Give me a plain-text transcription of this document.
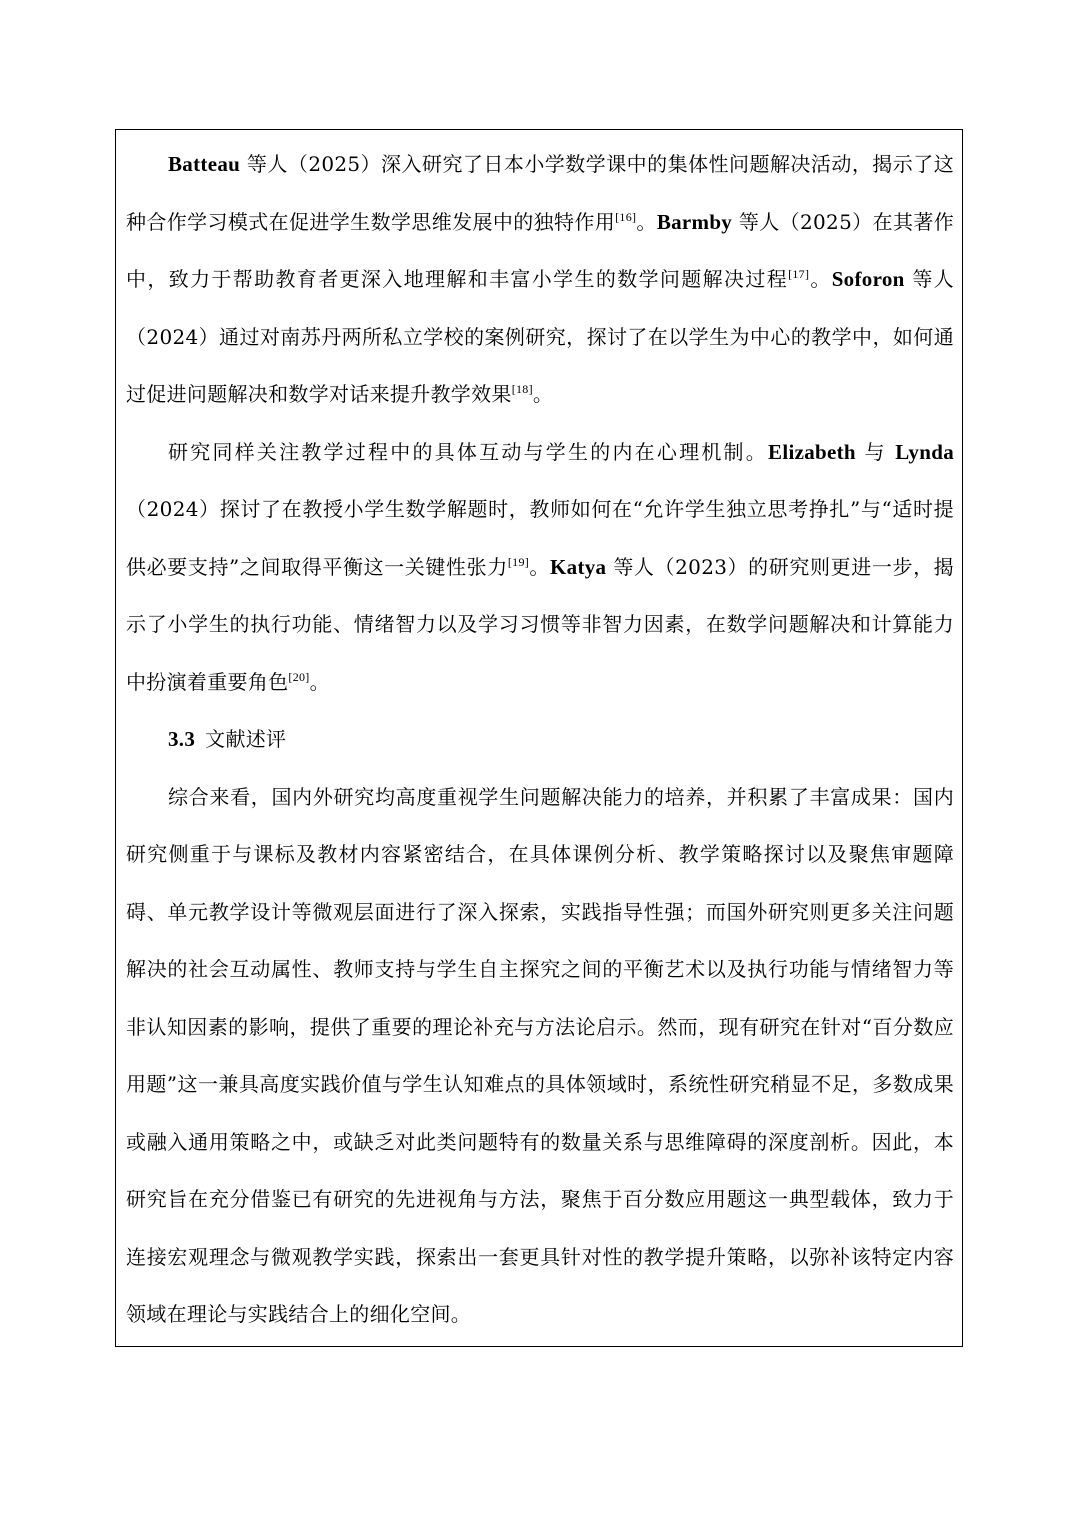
Batteau 等人（2025）深入研究了日本小学数学课中的集体性问题解决活动，揭示了这种合作学习模式在促进学生数学思维发展中的独特作用[16]。Barmby 等人（2025）在其著作中，致力于帮助教育者更深入地理解和丰富小学生的数学问题解决过程[17]。Soforon 等人（2024）通过对南苏丹两所私立学校的案例研究，探讨了在以学生为中心的教学中，如何通过促进问题解决和数学对话来提升教学效果[18]。

研究同样关注教学过程中的具体互动与学生的内在心理机制。Elizabeth 与 Lynda（2024）探讨了在教授小学生数学解题时，教师如何在“允许学生独立思考挣扎”与“适时提供必要支持”之间取得平衡这一关键性张力[19]。Katya 等人（2023）的研究则更进一步，揭示了小学生的执行功能、情绪智力以及学习习惯等非智力因素，在数学问题解决和计算能力中扮演着重要角色[20]。

3.3 文献述评

综合来看，国内外研究均高度重视学生问题解决能力的培养，并积累了丰富成果：国内研究侧重于与课标及教材内容紧密结合，在具体课例分析、教学策略探讨以及聚焦审题障碍、单元教学设计等微观层面进行了深入探索，实践指导性强；而国外研究则更多关注问题解决的社会互动属性、教师支持与学生自主探究之间的平衡艺术以及执行功能与情绪智力等非认知因素的影响，提供了重要的理论补充与方法论启示。然而，现有研究在针对“百分数应用题”这一兼具高度实践价值与学生认知难点的具体领域时，系统性研究稍显不足，多数成果或融入通用策略之中，或缺乏对此类问题特有的数量关系与思维障碍的深度剖析。因此，本研究旨在充分借鉴已有研究的先进视角与方法，聚焦于百分数应用题这一典型载体，致力于连接宏观理念与微观教学实践，探索出一套更具针对性的教学提升策略，以弥补该特定内容领域在理论与实践结合上的细化空间。
